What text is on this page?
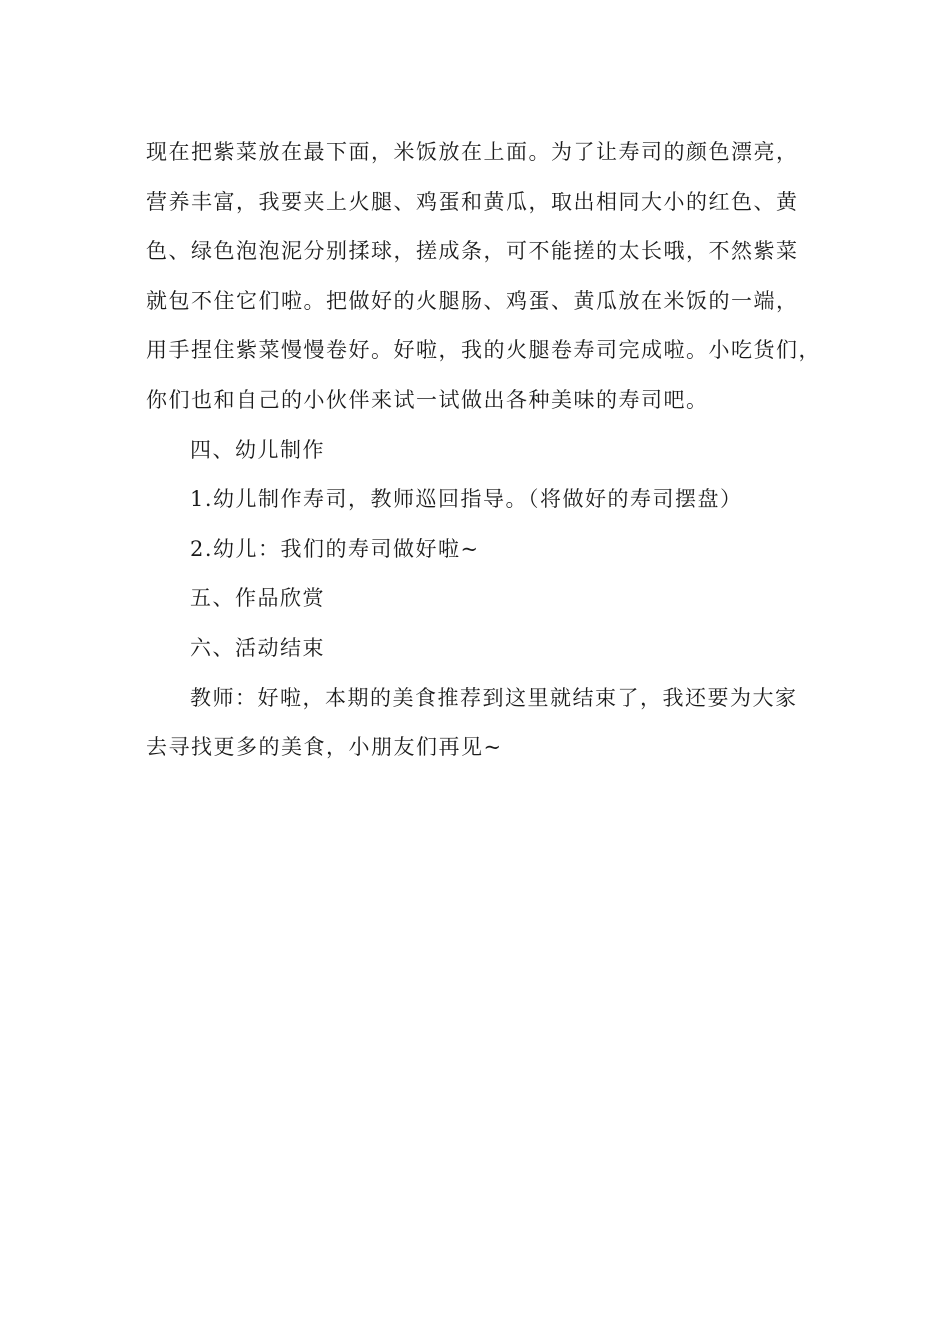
现在把紫菜放在最下面，米饭放在上面。为了让寿司的颜色漂亮，

营养丰富，我要夹上火腿、鸡蛋和黄瓜，取出相同大小的红色、黄

色、绿色泡泡泥分别揉球，搓成条，可不能搓的太长哦，不然紫菜

就包不住它们啦。把做好的火腿肠、鸡蛋、黄瓜放在米饭的一端，

用手捏住紫菜慢慢卷好。好啦，我的火腿卷寿司完成啦。小吃货们，

你们也和自己的小伙伴来试一试做出各种美味的寿司吧。

四、幼儿制作

1.幼儿制作寿司，教师巡回指导。（将做好的寿司摆盘）

2.幼儿：我们的寿司做好啦~

五、作品欣赏

六、活动结束

教师：好啦，本期的美食推荐到这里就结束了，我还要为大家

去寻找更多的美食，小朋友们再见~
